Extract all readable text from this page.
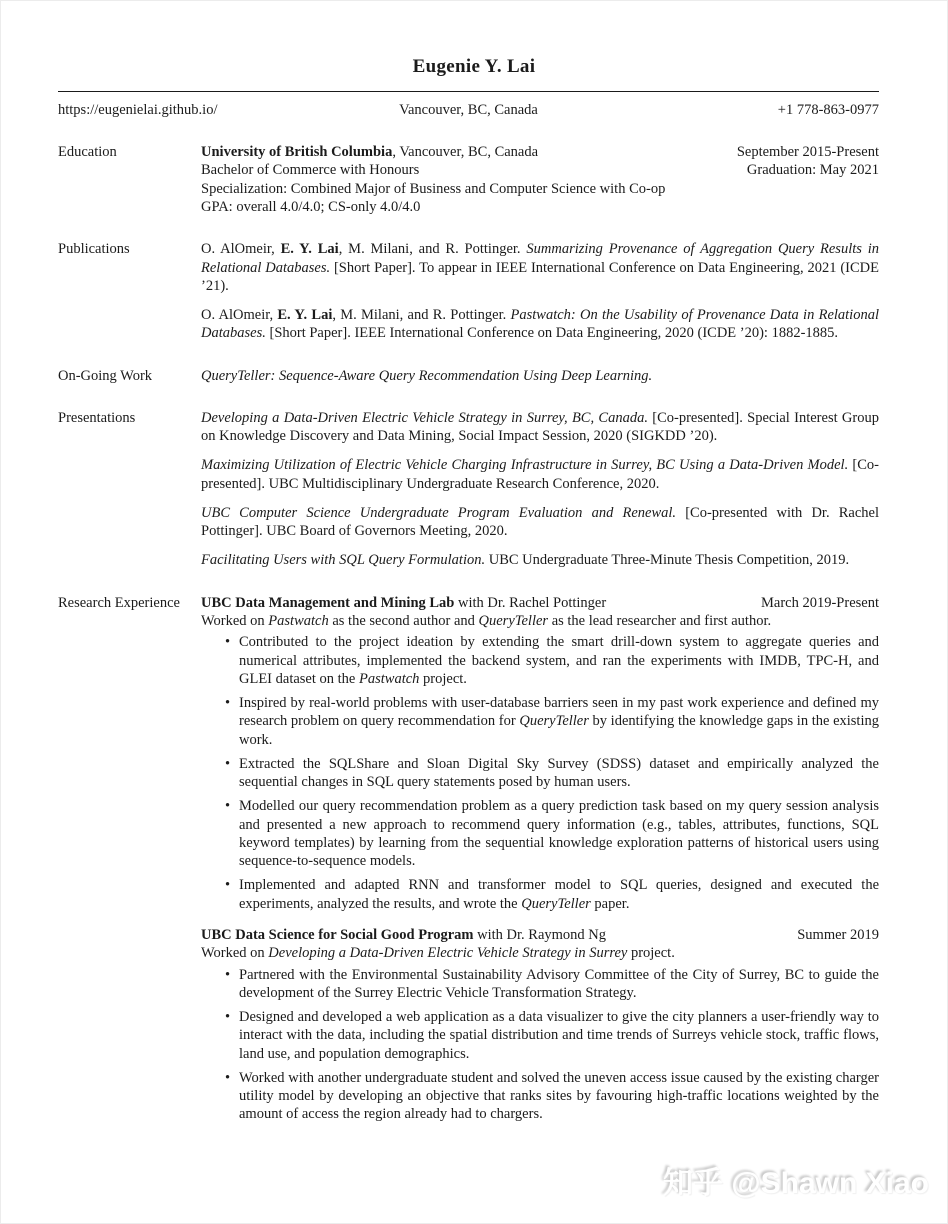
Eugenie Y. Lai
https://eugenielai.github.io/	Vancouver, BC, Canada	+1 778-863-0977
Education	University of British Columbia, Vancouver, BC, Canada	September 2015-Present
Bachelor of Commerce with Honours	Graduation: May 2021
Specialization: Combined Major of Business and Computer Science with Co-op
GPA: overall 4.0/4.0; CS-only 4.0/4.0
Publications	O. AlOmeir, E. Y. Lai, M. Milani, and R. Pottinger. Summarizing Provenance of Aggregation Query Results in Relational Databases. [Short Paper]. To appear in IEEE International Conference on Data Engineering, 2021 (ICDE ’21).

O. AlOmeir, E. Y. Lai, M. Milani, and R. Pottinger. Pastwatch: On the Usability of Provenance Data in Relational Databases. [Short Paper]. IEEE International Conference on Data Engineering, 2020 (ICDE ’20): 1882-1885.

On-Going Work	QueryTeller: Sequence-Aware Query Recommendation Using Deep Learning.

Presentations	Developing a Data-Driven Electric Vehicle Strategy in Surrey, BC, Canada. [Co-presented]. Special Interest Group on Knowledge Discovery and Data Mining, Social Impact Session, 2020 (SIGKDD ’20).

Maximizing Utilization of Electric Vehicle Charging Infrastructure in Surrey, BC Using a Data-Driven Model. [Co-presented]. UBC Multidisciplinary Undergraduate Research Conference, 2020.

UBC Computer Science Undergraduate Program Evaluation and Renewal. [Co-presented with Dr. Rachel Pottinger]. UBC Board of Governors Meeting, 2020.

Facilitating Users with SQL Query Formulation. UBC Undergraduate Three-Minute Thesis Competition, 2019.

Research Experience	UBC Data Management and Mining Lab with Dr. Rachel Pottinger	March 2019-Present
Worked on Pastwatch as the second author and QueryTeller as the lead researcher and first author.
• Contributed to the project ideation by extending the smart drill-down system to aggregate queries and numerical attributes, implemented the backend system, and ran the experiments with IMDB, TPC-H, and GLEI dataset on the Pastwatch project.
• Inspired by real-world problems with user-database barriers seen in my past work experience and defined my research problem on query recommendation for QueryTeller by identifying the knowledge gaps in the existing work.
• Extracted the SQLShare and Sloan Digital Sky Survey (SDSS) dataset and empirically analyzed the sequential changes in SQL query statements posed by human users.
• Modelled our query recommendation problem as a query prediction task based on my query session analysis and presented a new approach to recommend query information (e.g., tables, attributes, functions, SQL keyword templates) by learning from the sequential knowledge exploration patterns of historical users using sequence-to-sequence models.
• Implemented and adapted RNN and transformer model to SQL queries, designed and executed the experiments, analyzed the results, and wrote the QueryTeller paper.
UBC Data Science for Social Good Program with Dr. Raymond Ng	Summer 2019
Worked on Developing a Data-Driven Electric Vehicle Strategy in Surrey project.
• Partnered with the Environmental Sustainability Advisory Committee of the City of Surrey, BC to guide the development of the Surrey Electric Vehicle Transformation Strategy.
• Designed and developed a web application as a data visualizer to give the city planners a user-friendly way to interact with the data, including the spatial distribution and time trends of Surreys vehicle stock, traffic flows, land use, and population demographics.
• Worked with another undergraduate student and solved the uneven access issue caused by the existing charger utility model by developing an objective that ranks sites by favouring high-traffic locations weighted by the amount of access the region already had to chargers.
知乎 @Shawn Xiao
